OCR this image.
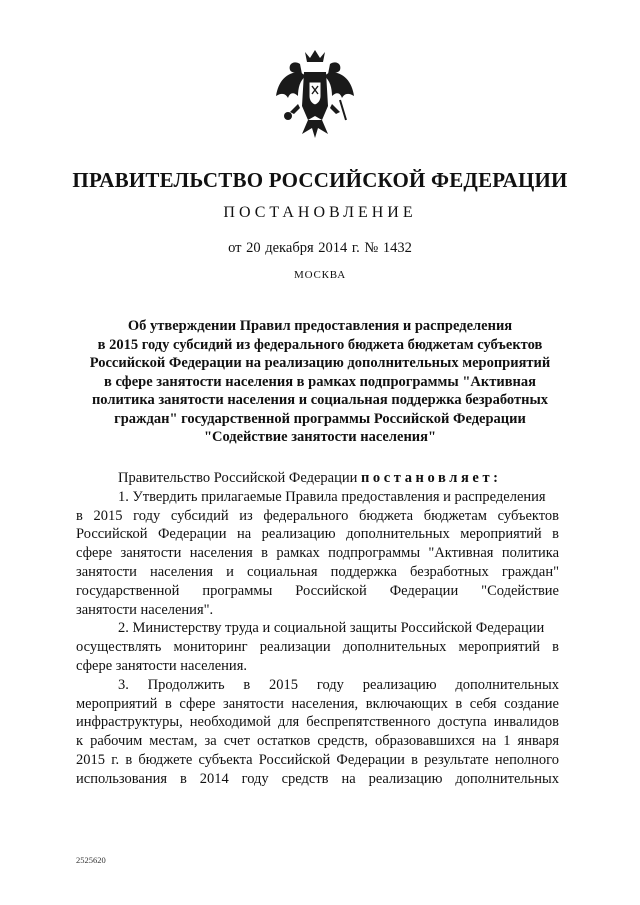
ПРАВИТЕЛЬСТВО РОССИЙСКОЙ ФЕДЕРАЦИИ
ПОСТАНОВЛЕНИЕ
от 20 декабря 2014 г. № 1432
МОСКВА
Об утверждении Правил предоставления и распределения
в 2015 году субсидий из федерального бюджета бюджетам субъектов
Российской Федерации на реализацию дополнительных мероприятий
в сфере занятости населения в рамках подпрограммы "Активная
политика занятости населения и социальная поддержка безработных
граждан" государственной программы Российской Федерации
"Содействие занятости населения"
Правительство Российской Федерации постановляет:
1. Утвердить прилагаемые Правила предоставления и распределения
в 2015 году субсидий из федерального бюджета бюджетам субъектов
Российской Федерации на реализацию дополнительных мероприятий в
сфере занятости населения в рамках подпрограммы "Активная политика
занятости населения и социальная поддержка безработных граждан"
государственной программы Российской Федерации "Содействие
занятости населения".
2. Министерству труда и социальной защиты Российской Федерации
осуществлять мониторинг реализации дополнительных мероприятий в
сфере занятости населения.
3. Продолжить в 2015 году реализацию дополнительных
мероприятий в сфере занятости населения, включающих в себя создание
инфраструктуры, необходимой для беспрепятственного доступа инвалидов
к рабочим местам, за счет остатков средств, образовавшихся на 1 января
2015 г. в бюджете субъекта Российской Федерации в результате неполного
использования в 2014 году средств на реализацию дополнительных
2525620
